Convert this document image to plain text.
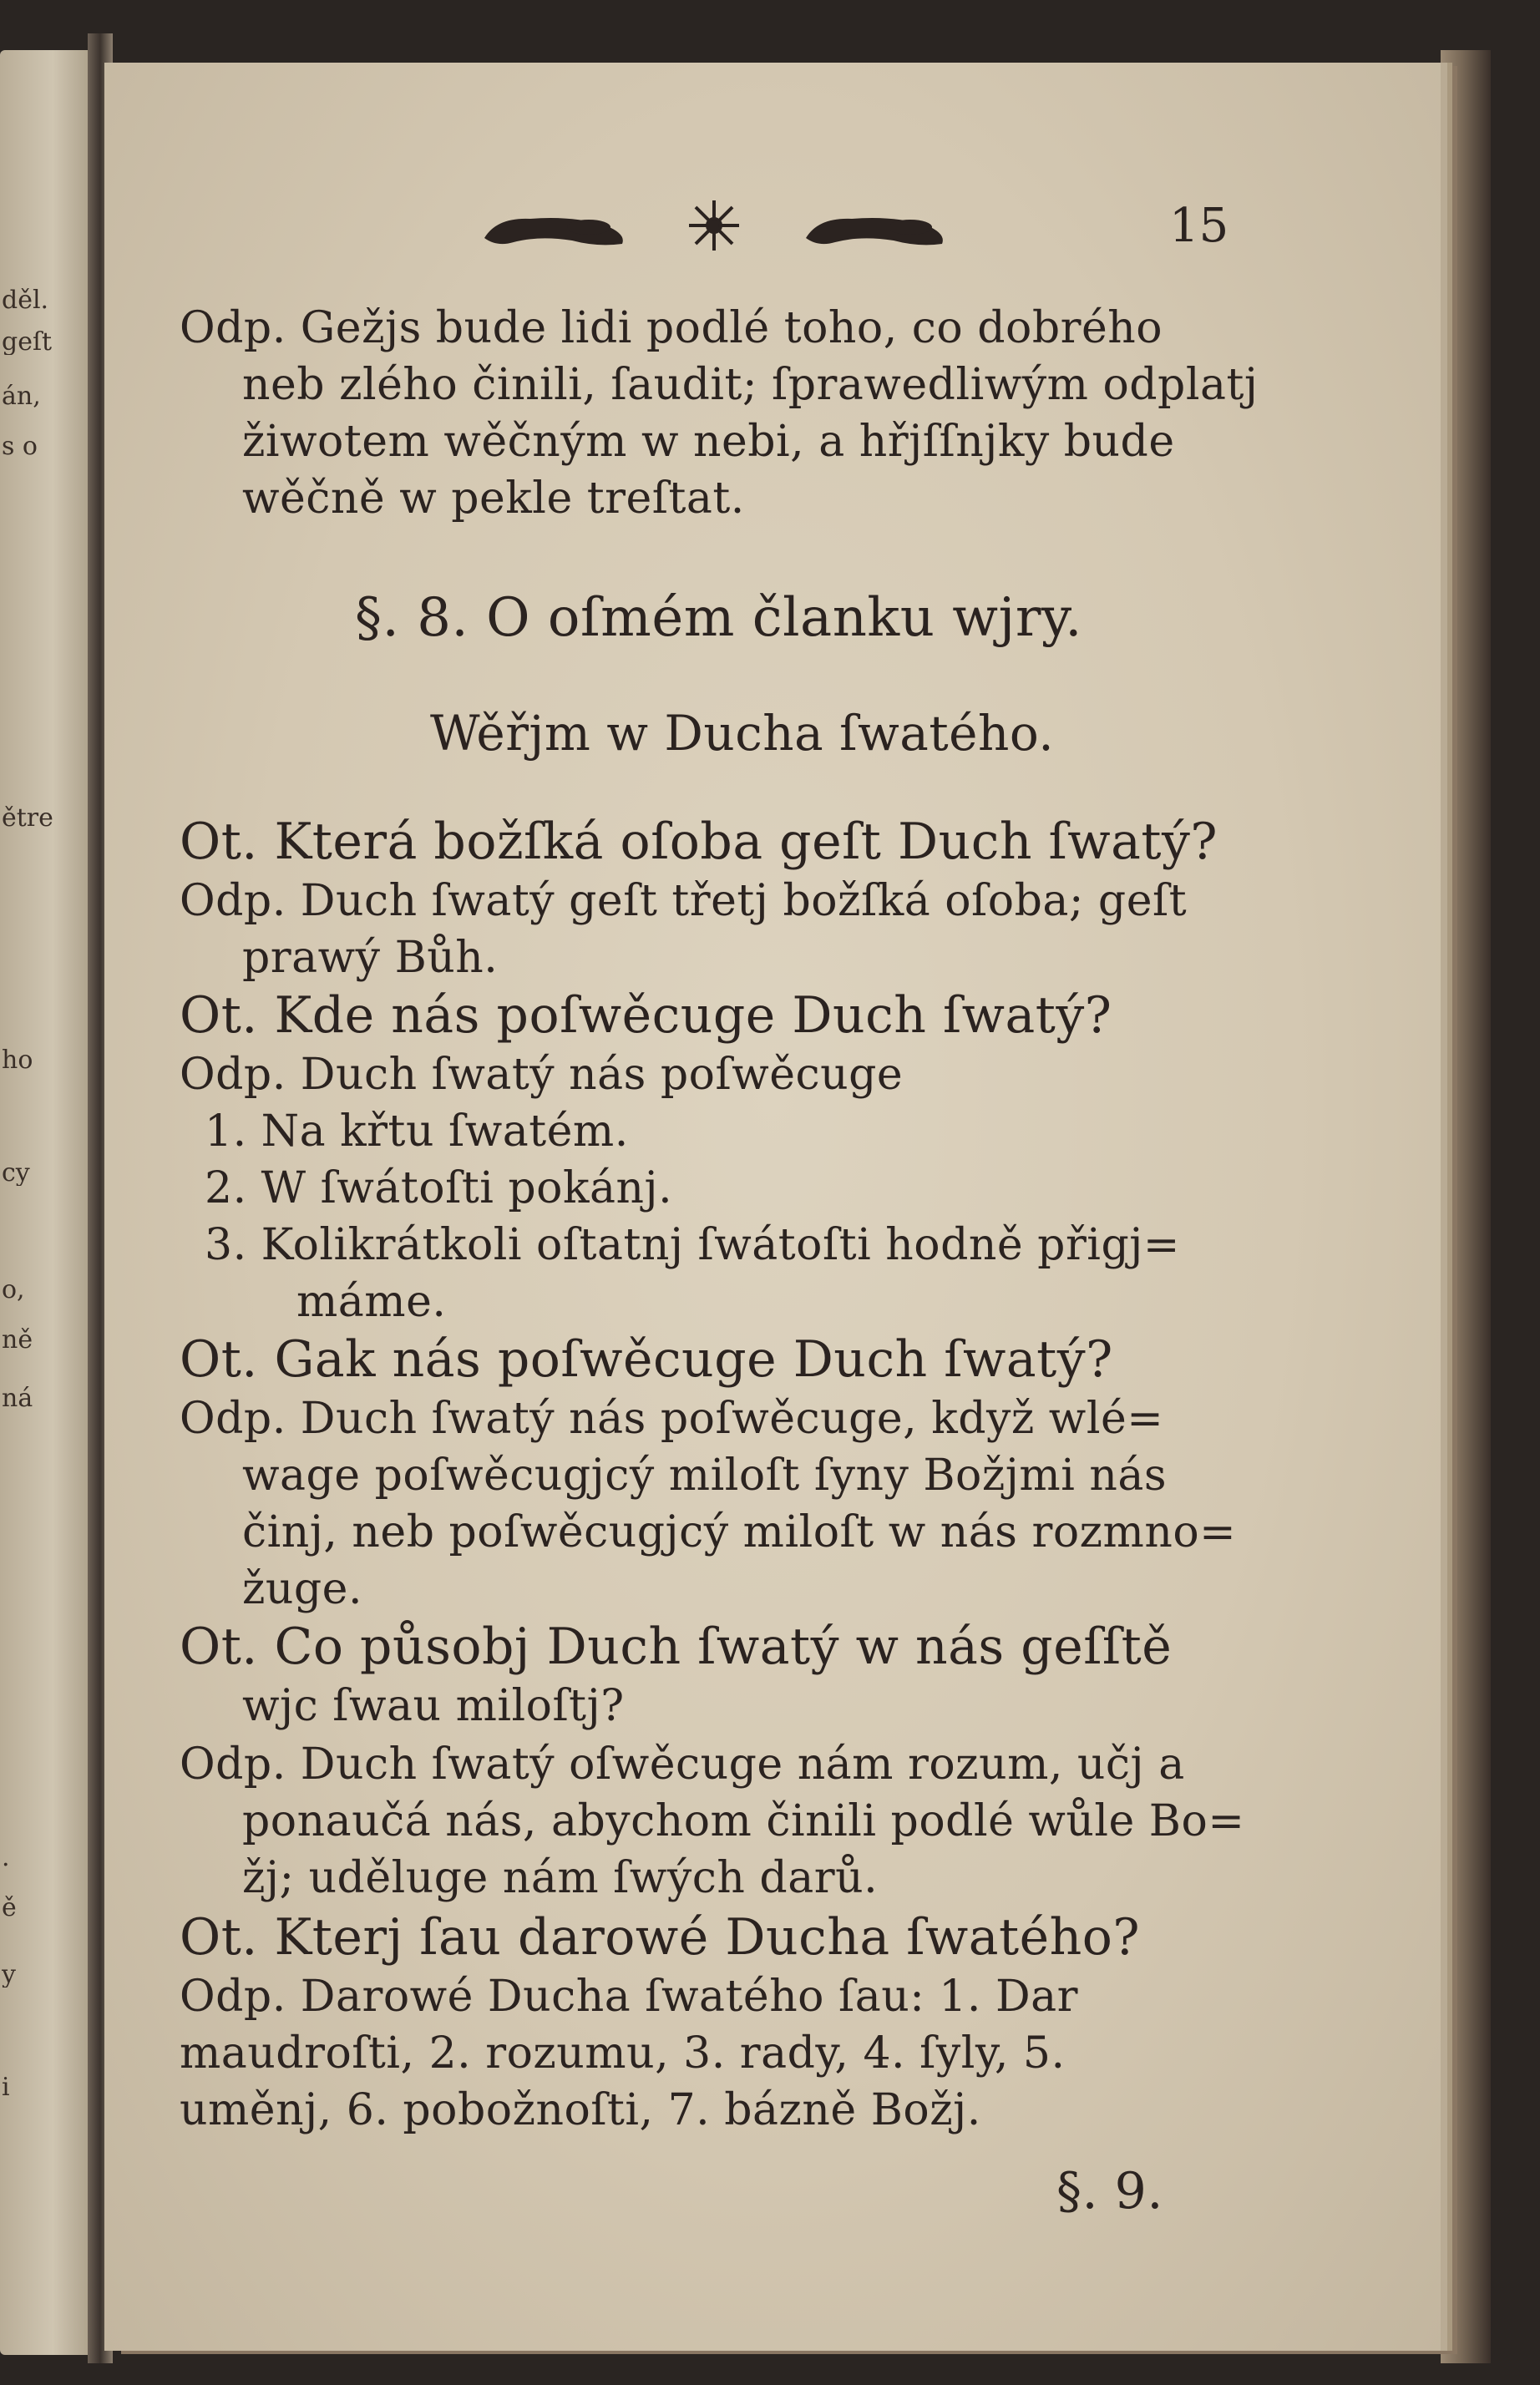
děl.
geſt
án,
s o
ětre
ho
cy
o,
ně
ná
.
ě
y
i
15
Odp. Gežjs bude lidi podlé toho, co dobrého
neb zlého činili, ſaudit; ſprawedliwým odplatj
žiwotem wěčným w nebi, a hřjſſnjky bude
wěčně w pekle treſtat.
§. 8. O oſmém članku wjry.
Wěřjm w Ducha ſwatého.
Ot. Která božſká oſoba geſt Duch ſwatý?
Odp. Duch ſwatý geſt třetj božſká oſoba; geſt
prawý Bůh.
Ot. Kde nás poſwěcuge Duch ſwatý?
Odp. Duch ſwatý nás poſwěcuge
1. Na křtu ſwatém.
2. W ſwátoſti pokánj.
3. Kolikrátkoli oſtatnj ſwátoſti hodně přigj=
máme.
Ot. Gak nás poſwěcuge Duch ſwatý?
Odp. Duch ſwatý nás poſwěcuge, když wlé=
wage poſwěcugjcý miloſt ſyny Božjmi nás
činj, neb poſwěcugjcý miloſt w nás rozmno=
žuge.
Ot. Co působj Duch ſwatý w nás geſſtě
wjc ſwau miloſtj?
Odp. Duch ſwatý oſwěcuge nám rozum, učj a
ponaučá nás, abychom činili podlé wůle Bo=
žj; uděluge nám ſwých darů.
Ot. Kterj ſau darowé Ducha ſwatého?
Odp. Darowé Ducha ſwatého ſau: 1. Dar
maudroſti, 2. rozumu, 3. rady, 4. ſyly, 5.
uměnj, 6. pobožnoſti, 7. bázně Božj.
§. 9.
